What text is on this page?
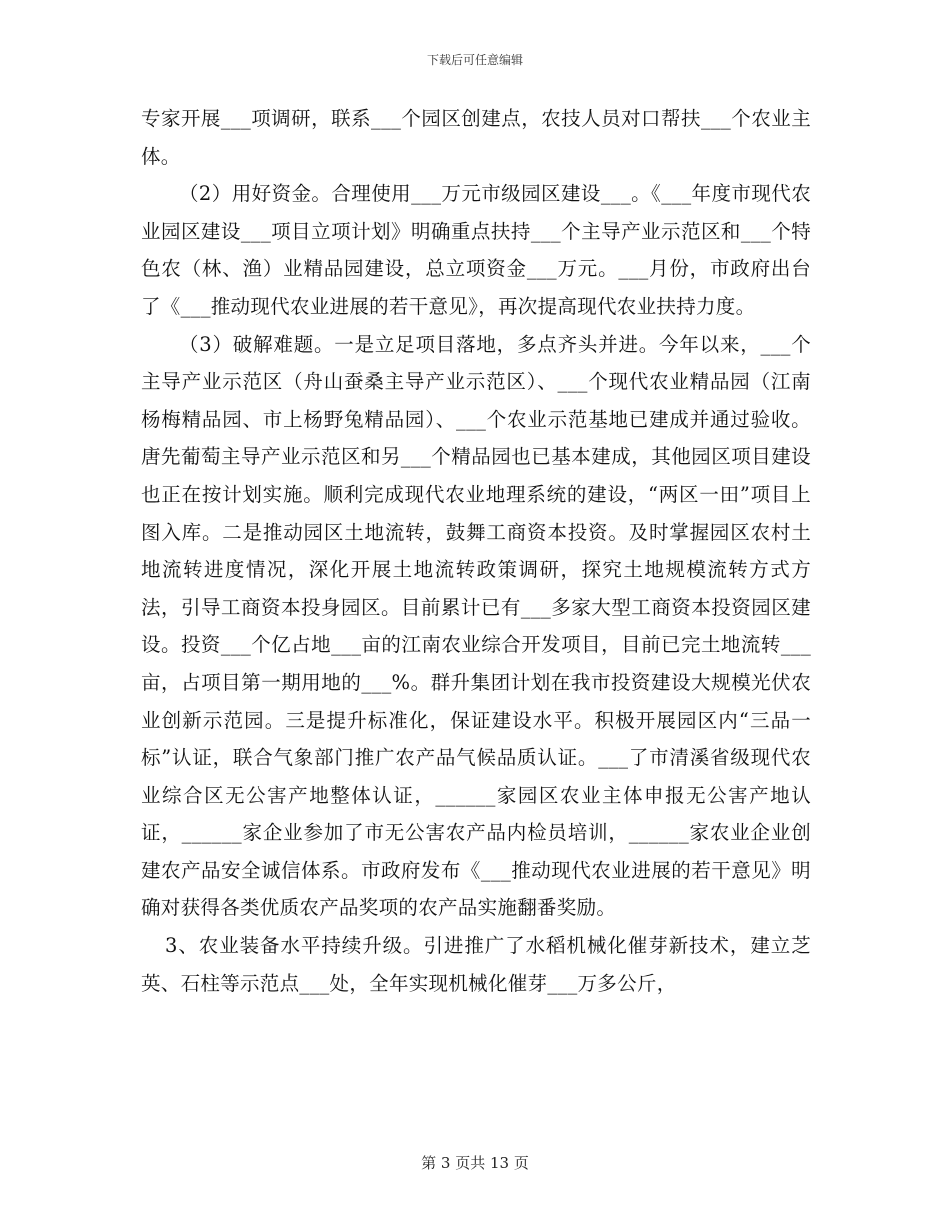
下载后可任意编辑

专家开展___项调研，联系___个园区创建点，农技人员对口帮扶___个农业主体。

（2）用好资金。合理使用___万元市级园区建设___。《___年度市现代农业园区建设___项目立项计划》明确重点扶持___个主导产业示范区和___个特色农（林、渔）业精品园建设，总立项资金___万元。___月份，市政府出台了《___推动现代农业进展的若干意见》，再次提高现代农业扶持力度。

（3）破解难题。一是立足项目落地，多点齐头并进。今年以来，___个主导产业示范区（舟山蚕桑主导产业示范区）、___个现代农业精品园（江南杨梅精品园、市上杨野兔精品园）、___个农业示范基地已建成并通过验收。唐先葡萄主导产业示范区和另___个精品园也已基本建成，其他园区项目建设也正在按计划实施。顺利完成现代农业地理系统的建设，“两区一田”项目上图入库。二是推动园区土地流转，鼓舞工商资本投资。及时掌握园区农村土地流转进度情况，深化开展土地流转政策调研，探究土地规模流转方式方法，引导工商资本投身园区。目前累计已有___多家大型工商资本投资园区建设。投资___个亿占地___亩的江南农业综合开发项目，目前已完土地流转___亩，占项目第一期用地的___%。群升集团计划在我市投资建设大规模光伏农业创新示范园。三是提升标准化，保证建设水平。积极开展园区内“三品一标”认证，联合气象部门推广农产品气候品质认证。___了市清溪省级现代农业综合区无公害产地整体认证，______家园区农业主体申报无公害产地认证，______家企业参加了市无公害农产品内检员培训，______家农业企业创建农产品安全诚信体系。市政府发布《___推动现代农业进展的若干意见》明确对获得各类优质农产品奖项的农产品实施翻番奖励。

3、农业装备水平持续升级。引进推广了水稻机械化催芽新技术，建立芝英、石柱等示范点___处，全年实现机械化催芽___万多公斤，

第 3 页共 13 页
